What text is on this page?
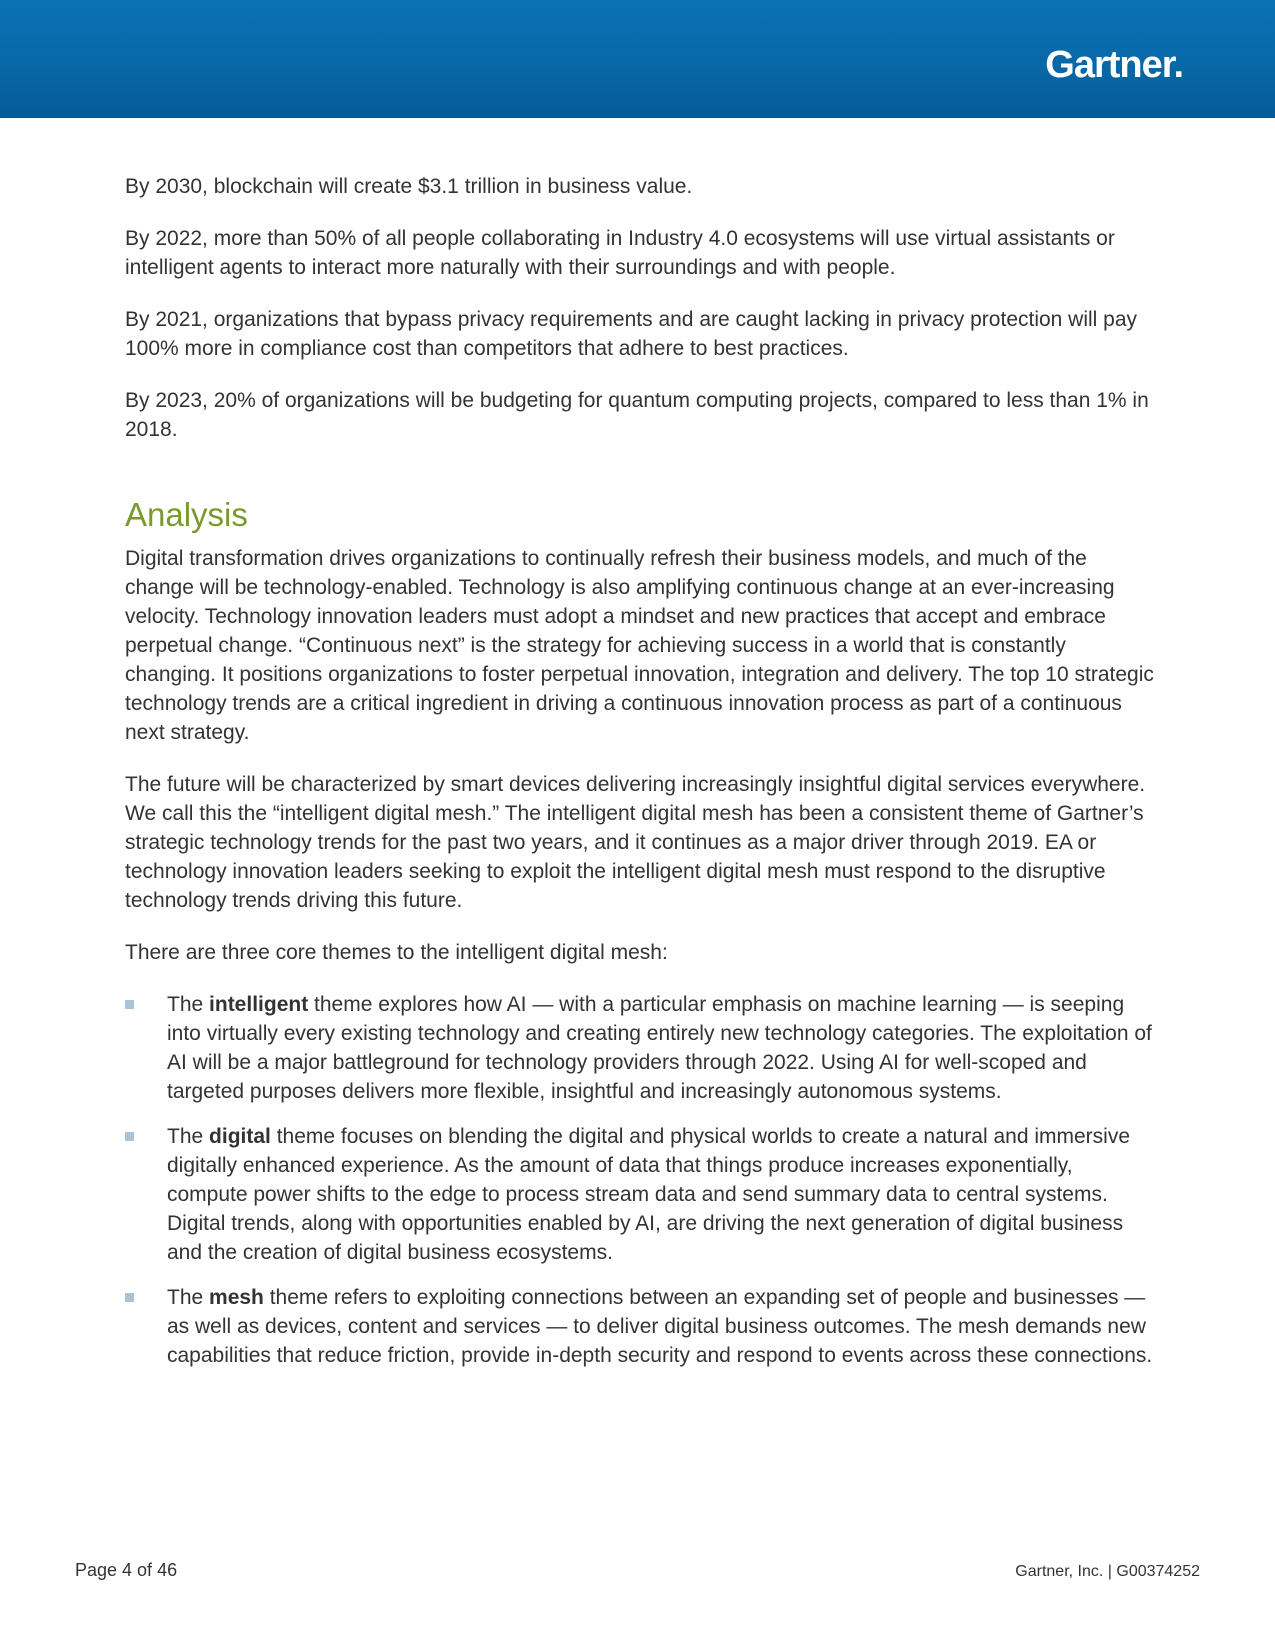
Gartner.

By 2030, blockchain will create $3.1 trillion in business value.

By 2022, more than 50% of all people collaborating in Industry 4.0 ecosystems will use virtual assistants or intelligent agents to interact more naturally with their surroundings and with people.

By 2021, organizations that bypass privacy requirements and are caught lacking in privacy protection will pay 100% more in compliance cost than competitors that adhere to best practices.

By 2023, 20% of organizations will be budgeting for quantum computing projects, compared to less than 1% in 2018.

Analysis

Digital transformation drives organizations to continually refresh their business models, and much of the change will be technology-enabled. Technology is also amplifying continuous change at an ever-increasing velocity. Technology innovation leaders must adopt a mindset and new practices that accept and embrace perpetual change. “Continuous next” is the strategy for achieving success in a world that is constantly changing. It positions organizations to foster perpetual innovation, integration and delivery. The top 10 strategic technology trends are a critical ingredient in driving a continuous innovation process as part of a continuous next strategy.

The future will be characterized by smart devices delivering increasingly insightful digital services everywhere. We call this the “intelligent digital mesh.” The intelligent digital mesh has been a consistent theme of Gartner’s strategic technology trends for the past two years, and it continues as a major driver through 2019. EA or technology innovation leaders seeking to exploit the intelligent digital mesh must respond to the disruptive technology trends driving this future.

There are three core themes to the intelligent digital mesh:

The intelligent theme explores how AI — with a particular emphasis on machine learning — is seeping into virtually every existing technology and creating entirely new technology categories. The exploitation of AI will be a major battleground for technology providers through 2022. Using AI for well-scoped and targeted purposes delivers more flexible, insightful and increasingly autonomous systems.
The digital theme focuses on blending the digital and physical worlds to create a natural and immersive digitally enhanced experience. As the amount of data that things produce increases exponentially, compute power shifts to the edge to process stream data and send summary data to central systems. Digital trends, along with opportunities enabled by AI, are driving the next generation of digital business and the creation of digital business ecosystems.
The mesh theme refers to exploiting connections between an expanding set of people and businesses — as well as devices, content and services — to deliver digital business outcomes. The mesh demands new capabilities that reduce friction, provide in-depth security and respond to events across these connections.
Page 4 of 46	Gartner, Inc. | G00374252
